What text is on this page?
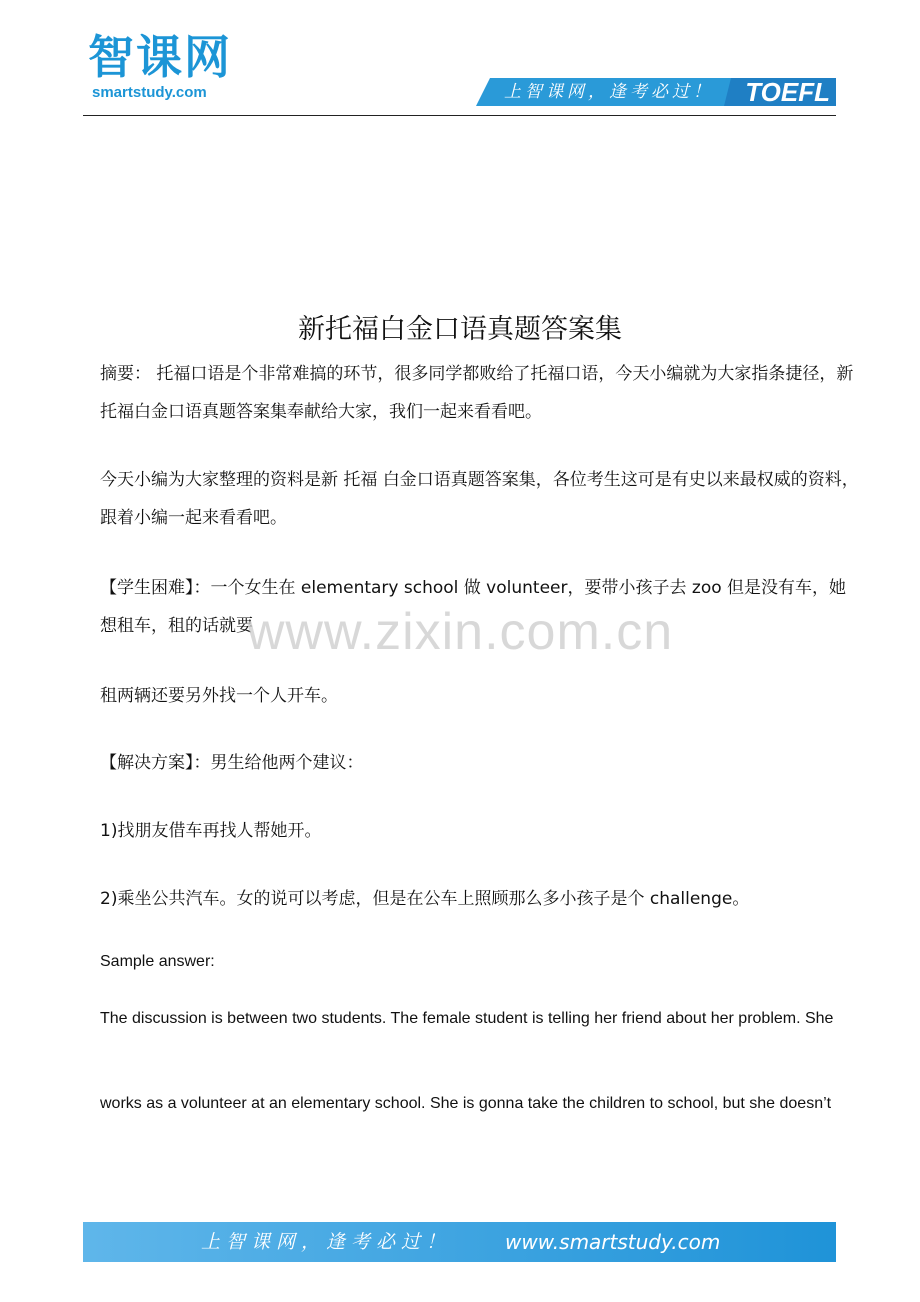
智课网
smartstudy.com	上智课网，逢考必过！ TOEFL
新托福白金口语真题答案集
摘要： 托福口语是个非常难搞的环节，很多同学都败给了托福口语，今天小编就为大家指条捷径，新托福白金口语真题答案集奉献给大家，我们一起来看看吧。
今天小编为大家整理的资料是新 托福 白金口语真题答案集，各位考生这可是有史以来最权威的资料，跟着小编一起来看看吧。
【学生困难】：一个女生在 elementary school 做 volunteer，要带小孩子去 zoo 但是没有车，她想租车，租的话就要
租两辆还要另外找一个人开车。
【解决方案】：男生给他两个建议：
1)找朋友借车再找人帮她开。
2)乘坐公共汽车。女的说可以考虑，但是在公车上照顾那么多小孩子是个 challenge。
Sample answer:
The discussion is between two students. The female student is telling her friend about her problem. She
works as a volunteer at an elementary school. She is gonna take the children to school, but she doesn’t
www.zixin.com.cn
上智课网，逢考必过！	www.smartstudy.com
